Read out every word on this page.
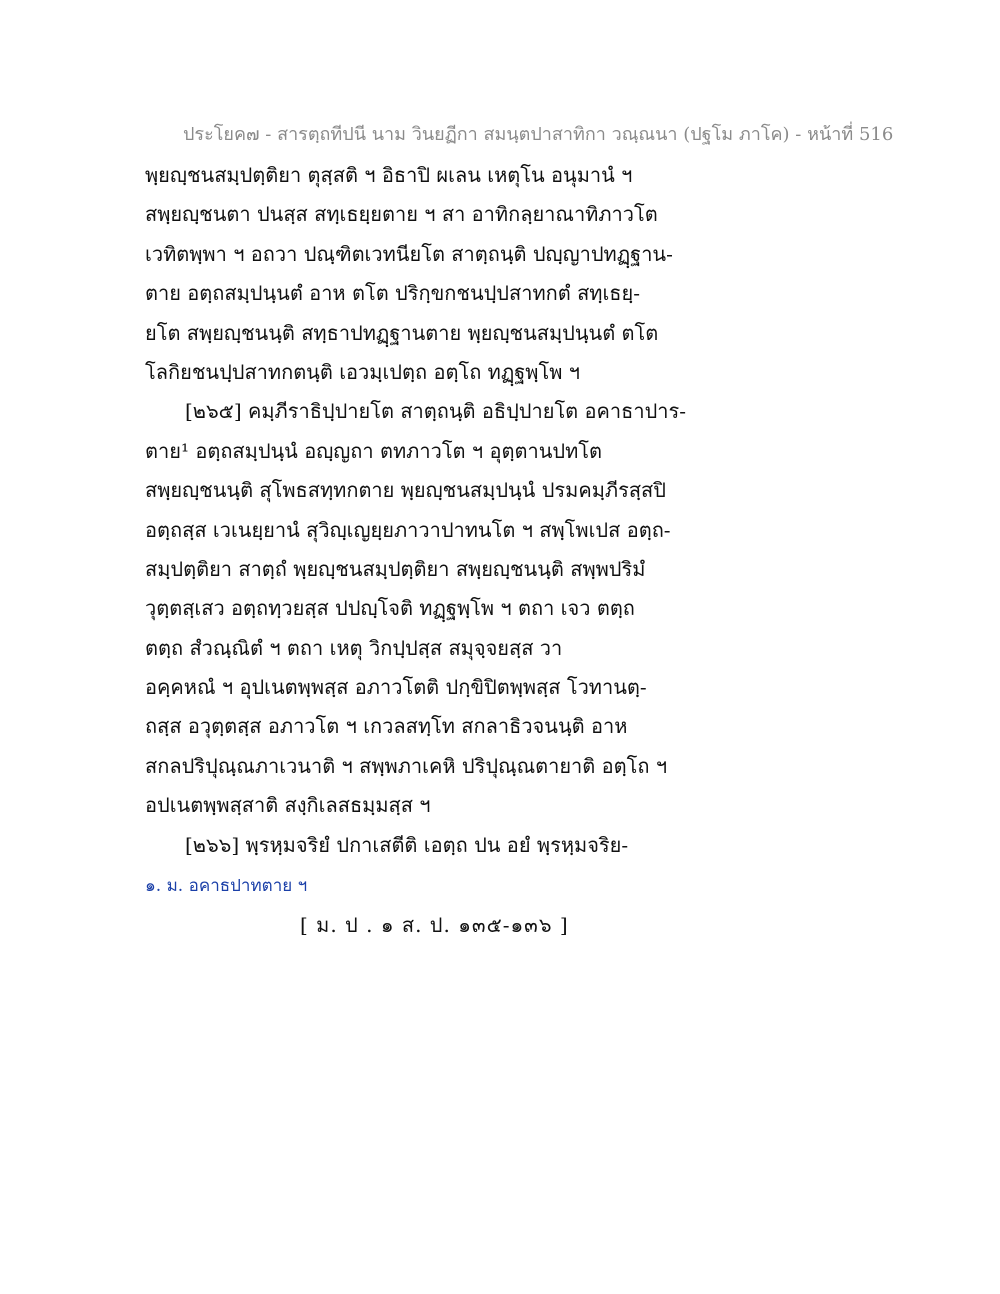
ประโยค๗ - สารตฺถทีปนี นาม วินยฏีกา สมนฺตปาสาทิกา วณฺณนา (ปฐโม ภาโค) - หน้าที่ 516
พฺยญฺชนสมฺปตฺติยา ตุสฺสติ ฯ อิธาปิ ผเลน เหตุโน อนุมานํ ฯ
สพฺยญฺชนตา ปนสฺส สทฺเธยฺยตาย ฯ สา อาทิกลฺยาณาทิภาวโต
เวทิตพฺพา ฯ อถวา ปณฺฑิตเวทนียโต สาตฺถนฺติ ปญฺญาปทฏฺฐาน-
ตาย อตฺถสมฺปนฺนตํ อาห ตโต ปริกฺขกชนปฺปสาทกตํ สทฺเธยฺ-
ยโต สพฺยญฺชนนฺติ สทฺธาปทฏฺฐานตาย พฺยญฺชนสมฺปนฺนตํ ตโต
โลกิยชนปฺปสาทกตนฺติ เอวมฺเปตฺถ อตฺโถ ทฏฺฐพฺโพ ฯ
[๒๖๕] คมฺภีราธิปฺปายโต สาตฺถนฺติ อธิปฺปายโต อคาธาปาร-
ตาย¹ อตฺถสมฺปนฺนํ อญฺญถา ตทภาวโต ฯ อุตฺตานปทโต
สพฺยญฺชนนฺติ สุโพธสทฺทกตาย พฺยญฺชนสมฺปนฺนํ ปรมคมฺภีรสฺสปิ
อตฺถสฺส เวเนยฺยานํ สุวิญฺเญยฺยภาวาปาทนโต ฯ สพฺโพเปส อตฺถ-
สมฺปตฺติยา สาตฺถํ พฺยญฺชนสมฺปตฺติยา สพฺยญฺชนนฺติ สพฺพปริมํ
วุตฺตสฺเสว อตฺถทฺวยสฺส ปปญฺโจติ ทฏฺฐพฺโพ ฯ ตถา เจว ตตฺถ
ตตฺถ สํวณฺณิตํ ฯ ตถา เหตุ วิกปฺปสฺส สมุจฺจยสฺส วา
อคฺคหณํ ฯ อุปเนตพฺพสฺส อภาวโตติ ปกฺขิปิตพฺพสฺส โวทานตฺ-
ถสฺส อวุตฺตสฺส อภาวโต ฯ เกวลสทฺโท สกลาธิวจนนฺติ อาห
สกลปริปุณฺณภาเวนาติ ฯ สพฺพภาเคหิ ปริปุณฺณตายาติ อตฺโถ ฯ
อปเนตพฺพสฺสาติ สงฺกิเลสธมฺมสฺส ฯ
[๒๖๖] พฺรหฺมจริยํ ปกาเสตีติ เอตฺถ ปน อยํ พฺรหฺมจริย-
๑. ม. อคาธปาทตาย ฯ
[ ม. ป . ๑ ส. ป. ๑๓๕-๑๓๖ ]
